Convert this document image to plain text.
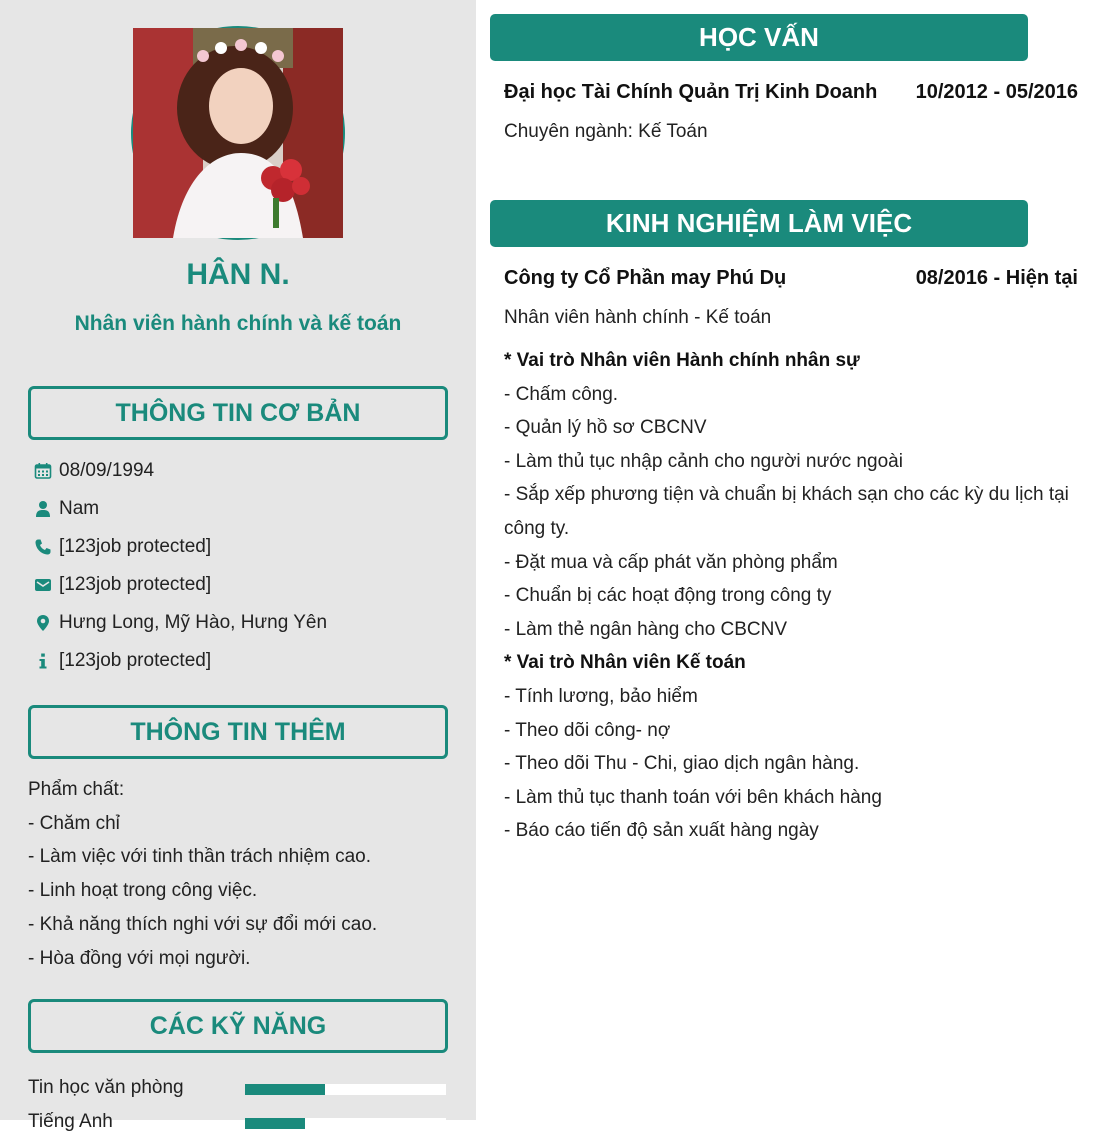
HÂN N.
Nhân viên hành chính và kế toán
THÔNG TIN CƠ BẢN
08/09/1994
Nam
[123job protected]
[123job protected]
Hưng Long, Mỹ Hào, Hưng Yên
[123job protected]
THÔNG TIN THÊM
Phẩm chất:
- Chăm chỉ
- Làm việc với tinh thần trách nhiệm cao.
- Linh hoạt trong công việc.
- Khả năng thích nghi với sự đổi mới cao.
- Hòa đồng với mọi người.
CÁC KỸ NĂNG
Tin học văn phòng
Tiếng Anh
HỌC VẤN
Đại học Tài Chính Quản Trị Kinh Doanh 10/2012 - 05/2016
Chuyên ngành: Kế Toán
KINH NGHIỆM LÀM VIỆC
Công ty Cổ Phần may Phú Dụ	08/2016 - Hiện tại
Nhân viên hành chính - Kế toán
* Vai trò Nhân viên Hành chính nhân sự
- Chấm công.
- Quản lý hồ sơ CBCNV
- Làm thủ tục nhập cảnh cho người nước ngoài
- Sắp xếp phương tiện và chuẩn bị khách sạn cho các kỳ du lịch tại công ty.
- Đặt mua và cấp phát văn phòng phẩm
- Chuẩn bị các hoạt động trong công ty
- Làm thẻ ngân hàng cho CBCNV
* Vai trò Nhân viên Kế toán
- Tính lương, bảo hiểm
- Theo dõi công- nợ
- Theo dõi Thu - Chi, giao dịch ngân hàng.
- Làm thủ tục thanh toán với bên khách hàng
- Báo cáo tiến độ sản xuất hàng ngày
